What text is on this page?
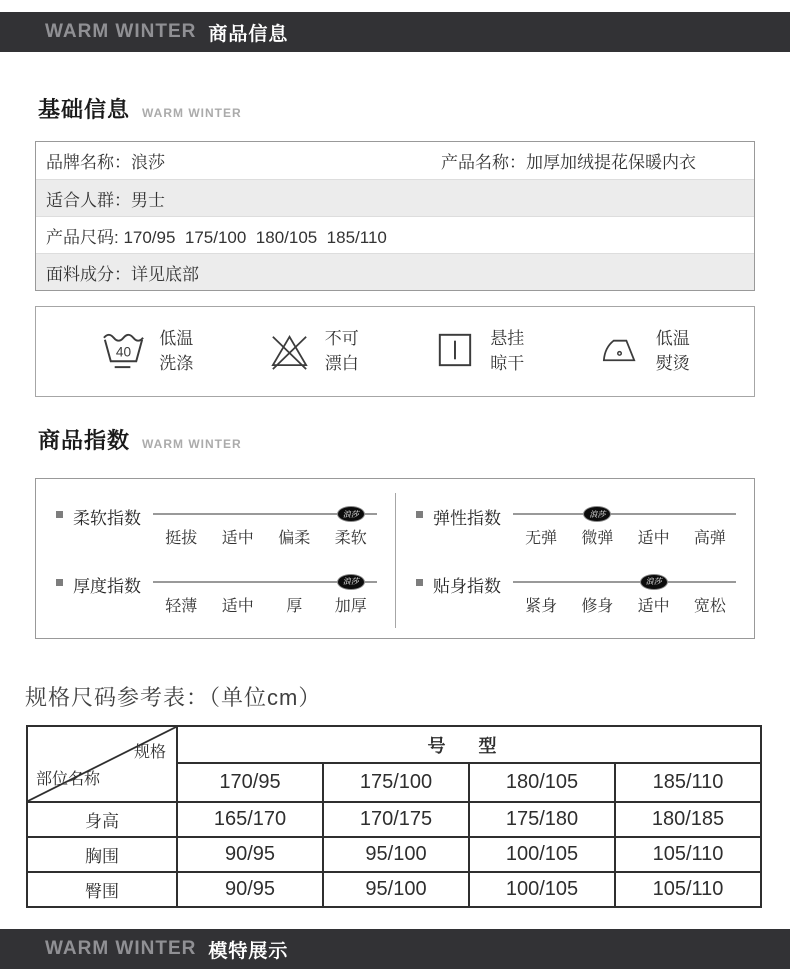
WARM WINTER 商品信息
基础信息 WARM WINTER
品牌名称：浪莎	产品名称：加厚加绒提花保暖内衣
适合人群：男士
产品尺码: 170/95  175/100  180/105  185/110
面料成分：详见底部
40
低温
洗涤
不可
漂白
悬挂
晾干
低温
熨烫
商品指数 WARM WINTER
柔软指数	浪莎
挺拔	适中	偏柔	柔软
弹性指数	浪莎
无弹	微弹	适中	高弹
厚度指数	浪莎
轻薄	适中	厚	加厚
贴身指数	浪莎
紧身	修身	适中	宽松
规格尺码参考表：（单位cm）
规格
部位名称	号 型			
	170/95	175/100	180/105	185/110
身高	165/170	170/175	175/180	180/185
胸围	90/95	95/100	100/105	105/110
臀围	90/95	95/100	100/105	105/110
WARM WINTER 模特展示
